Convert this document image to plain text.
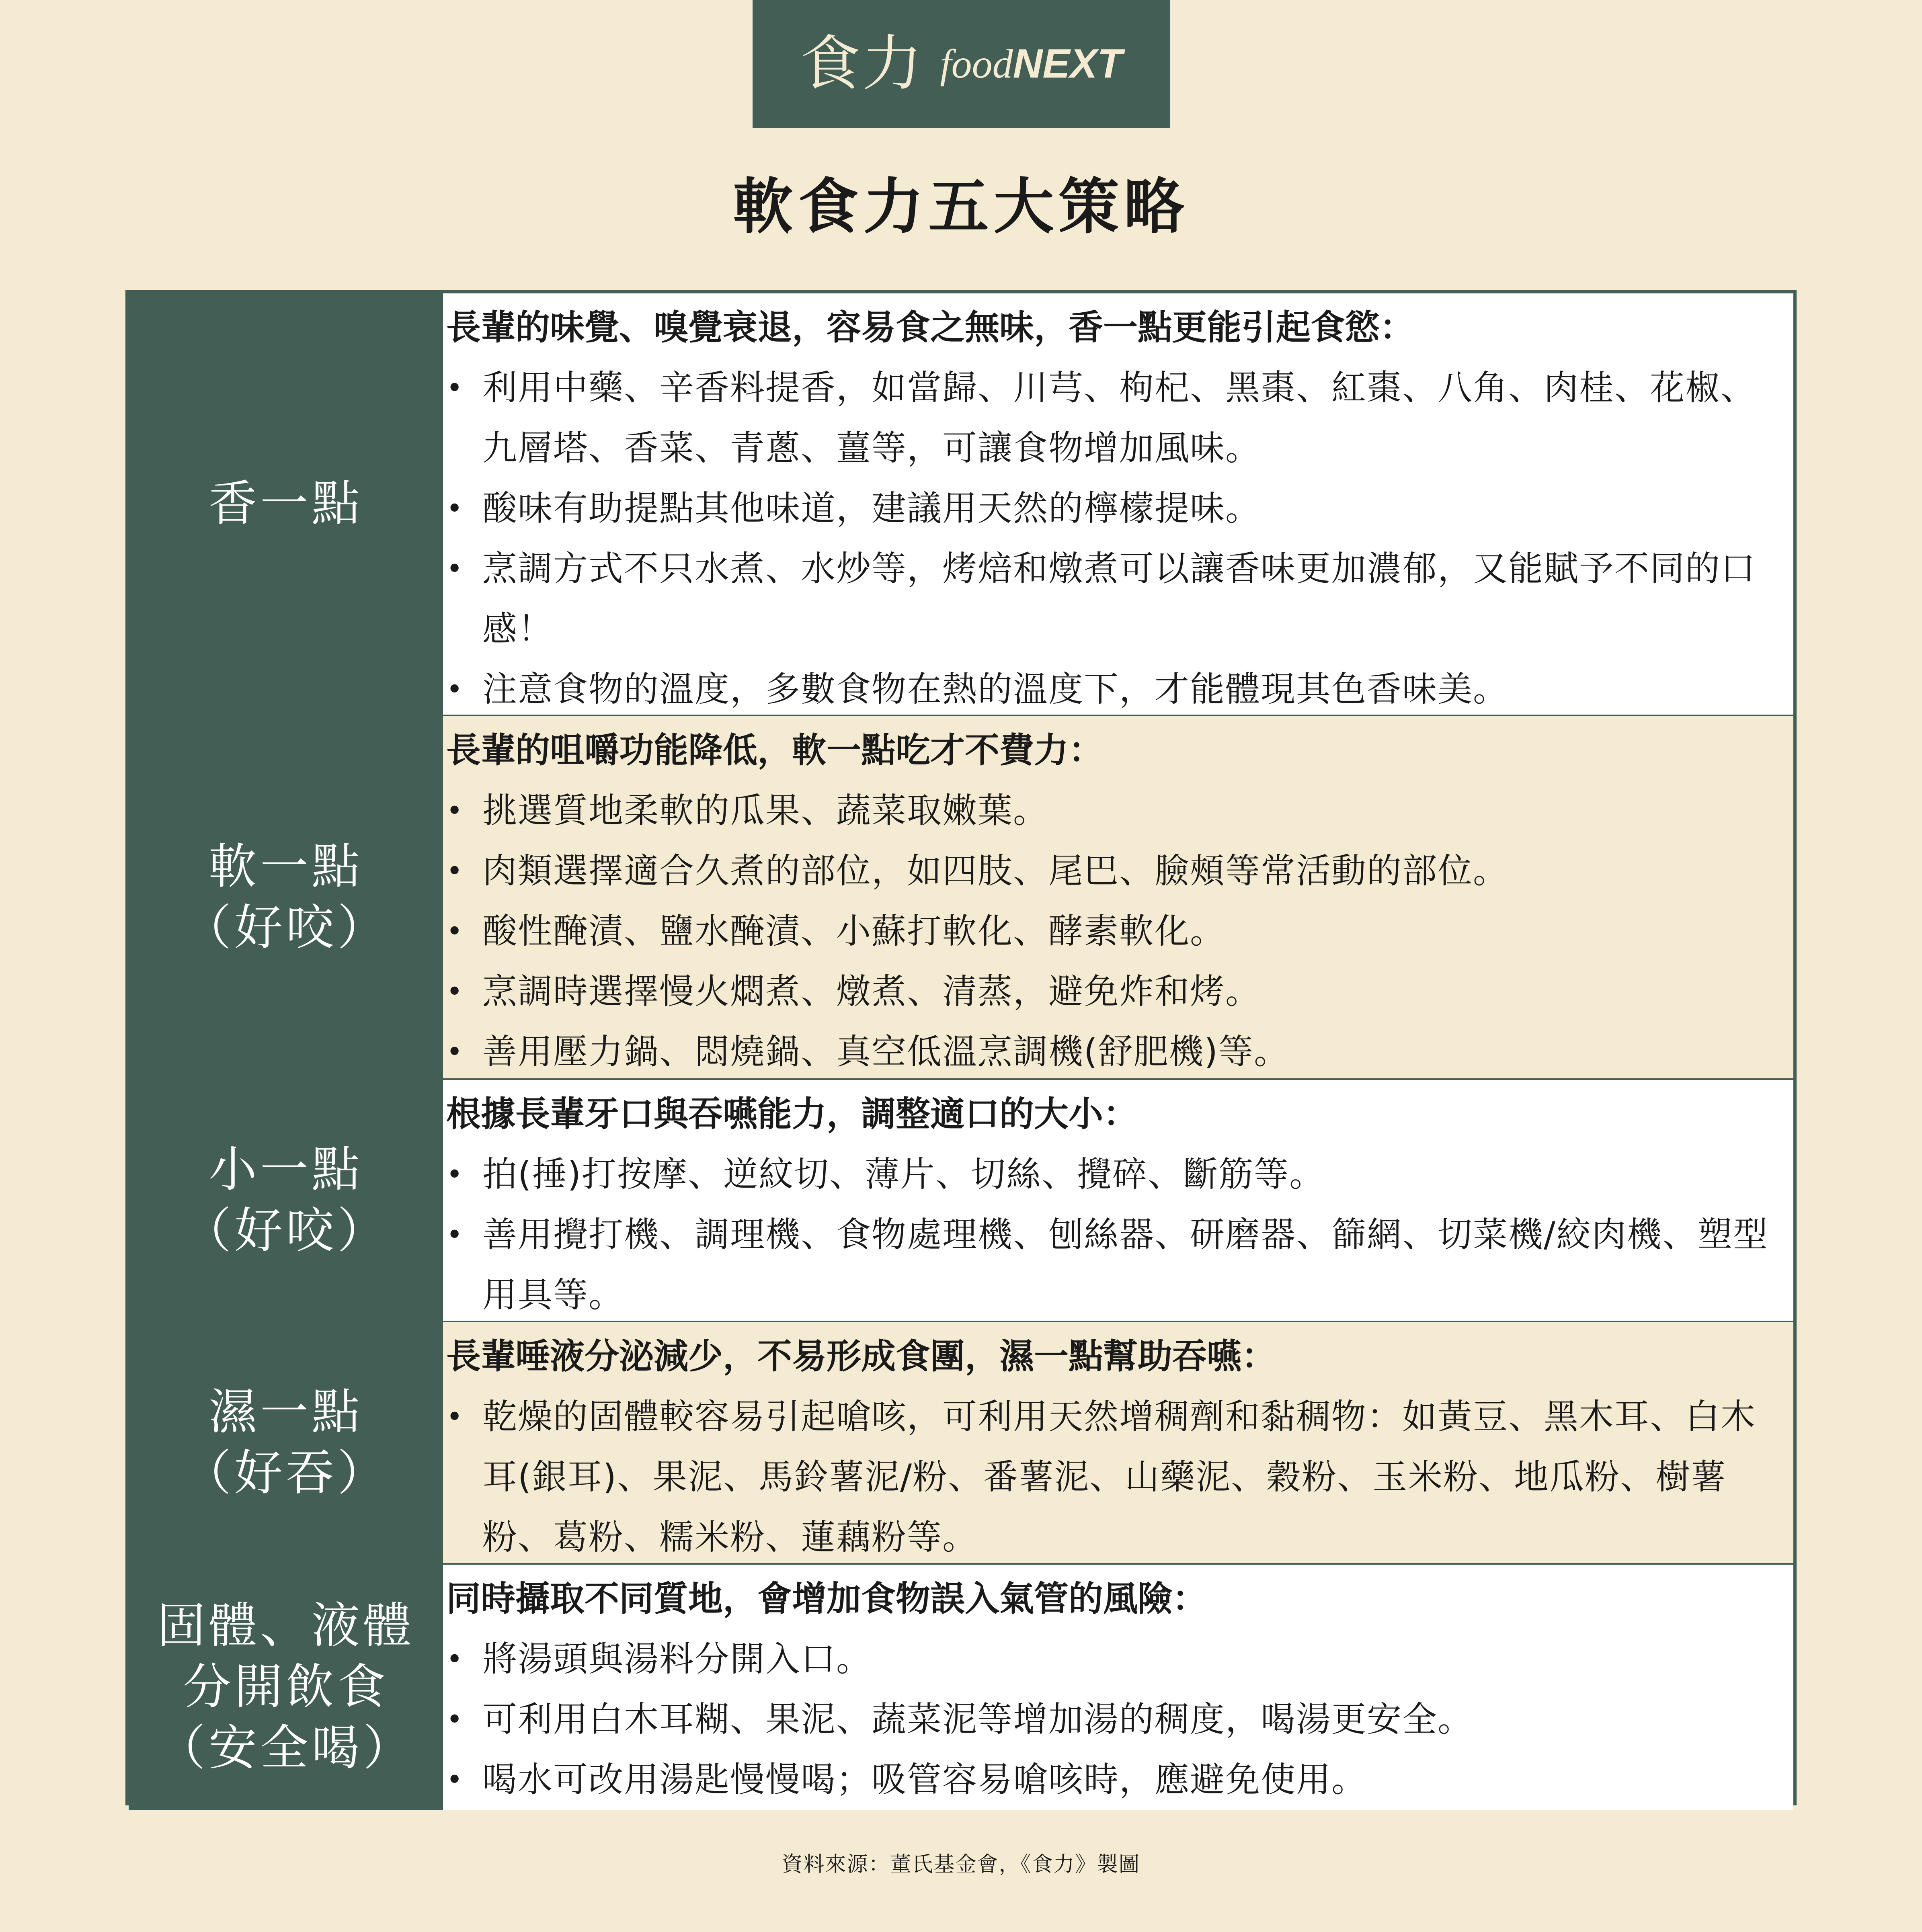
食力 foodNEXT
軟食力五大策略
香一點
長輩的味覺、嗅覺衰退，容易食之無味，香一點更能引起食慾：
• 利用中藥、辛香料提香，如當歸、川芎、枸杞、黑棗、紅棗、八角、肉桂、花椒、九層塔、香菜、青蔥、薑等，可讓食物增加風味。
• 酸味有助提點其他味道，建議用天然的檸檬提味。
• 烹調方式不只水煮、水炒等，烤焙和燉煮可以讓香味更加濃郁，又能賦予不同的口感！
• 注意食物的溫度，多數食物在熱的溫度下，才能體現其色香味美。
軟一點
（好咬）
長輩的咀嚼功能降低，軟一點吃才不費力：
• 挑選質地柔軟的瓜果、蔬菜取嫩葉。
• 肉類選擇適合久煮的部位，如四肢、尾巴、臉頰等常活動的部位。
• 酸性醃漬、鹽水醃漬、小蘇打軟化、酵素軟化。
• 烹調時選擇慢火燜煮、燉煮、清蒸，避免炸和烤。
• 善用壓力鍋、悶燒鍋、真空低溫烹調機(舒肥機)等。
小一點
（好咬）
根據長輩牙口與吞嚥能力，調整適口的大小：
• 拍(捶)打按摩、逆紋切、薄片、切絲、攪碎、斷筋等。
• 善用攪打機、調理機、食物處理機、刨絲器、研磨器、篩網、切菜機/絞肉機、塑型用具等。
濕一點
（好吞）
長輩唾液分泌減少，不易形成食團，濕一點幫助吞嚥：
• 乾燥的固體較容易引起嗆咳，可利用天然增稠劑和黏稠物：如黃豆、黑木耳、白木耳(銀耳)、果泥、馬鈴薯泥/粉、番薯泥、山藥泥、穀粉、玉米粉、地瓜粉、樹薯粉、葛粉、糯米粉、蓮藕粉等。
固體、液體
分開飲食
（安全喝）
同時攝取不同質地，會增加食物誤入氣管的風險：
• 將湯頭與湯料分開入口。
• 可利用白木耳糊、果泥、蔬菜泥等增加湯的稠度，喝湯更安全。
• 喝水可改用湯匙慢慢喝；吸管容易嗆咳時，應避免使用。
資料來源：董氏基金會，《食力》製圖
